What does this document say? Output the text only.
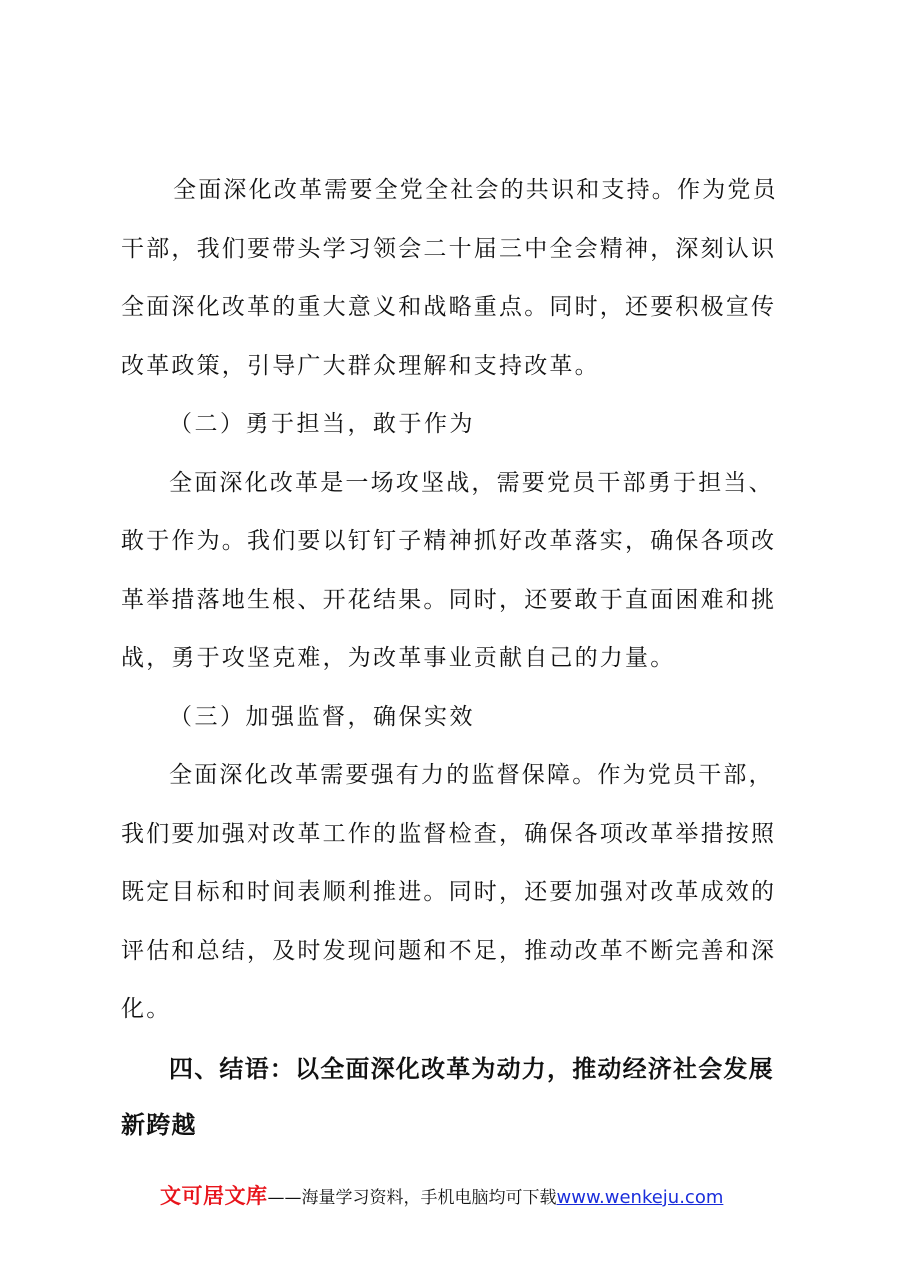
全面深化改革需要全党全社会的共识和支持。作为党员干部，我们要带头学习领会二十届三中全会精神，深刻认识全面深化改革的重大意义和战略重点。同时，还要积极宣传改革政策，引导广大群众理解和支持改革。

（二）勇于担当，敢于作为

全面深化改革是一场攻坚战，需要党员干部勇于担当、敢于作为。我们要以钉钉子精神抓好改革落实，确保各项改革举措落地生根、开花结果。同时，还要敢于直面困难和挑战，勇于攻坚克难，为改革事业贡献自己的力量。

（三）加强监督，确保实效

全面深化改革需要强有力的监督保障。作为党员干部，我们要加强对改革工作的监督检查，确保各项改革举措按照既定目标和时间表顺利推进。同时，还要加强对改革成效的评估和总结，及时发现问题和不足，推动改革不断完善和深化。

四、结语：以全面深化改革为动力，推动经济社会发展新跨越

文可居文库——海量学习资料，手机电脑均可下载www.wenkeju.com
